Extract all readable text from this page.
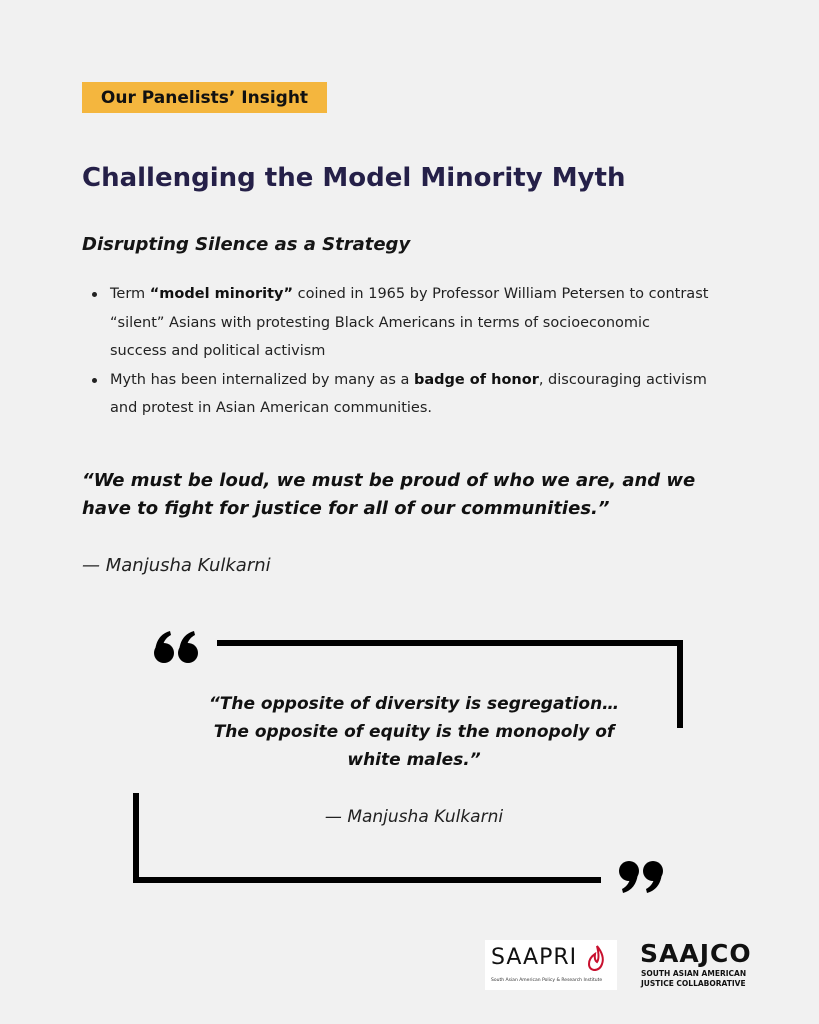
Our Panelists’ Insight
Challenging the Model Minority Myth
Disrupting Silence as a Strategy
Term “model minority” coined in 1965 by Professor William Petersen to contrast “silent” Asians with protesting Black Americans in terms of socioeconomic success and political activism
Myth has been internalized by many as a badge of honor, discouraging activism and protest in Asian American communities.

“We must be loud, we must be proud of who we are, and we have to fight for justice for all of our communities.”

— Manjusha Kulkarni

“The opposite of diversity is segregation… The opposite of equity is the monopoly of white males.”

— Manjusha Kulkarni

SAAPRI
South Asian American Policy & Research Institute
SAAJCO
SOUTH ASIAN AMERICAN
JUSTICE COLLABORATIVE
